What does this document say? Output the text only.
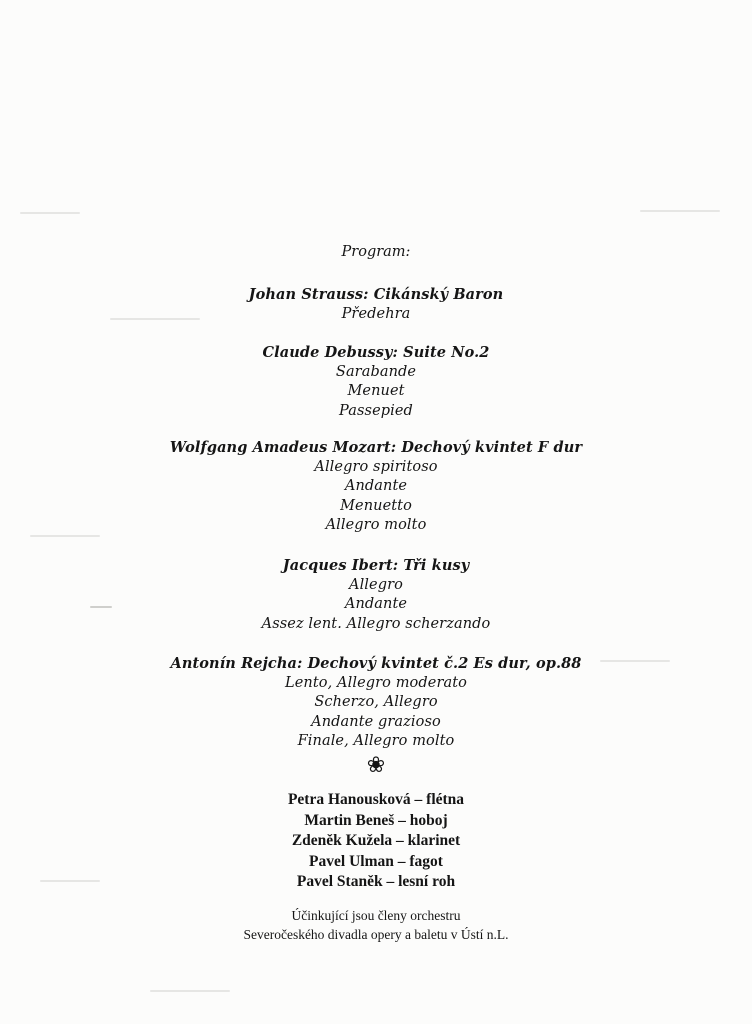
Program:
Johan Strauss: Cikánský Baron
Předehra
Claude Debussy: Suite No.2
Sarabande
Menuet
Passepied
Wolfgang Amadeus Mozart: Dechový kvintet F dur
Allegro spiritoso
Andante
Menuetto
Allegro molto
Jacques Ibert: Tři kusy
Allegro
Andante
Assez lent. Allegro scherzando
Antonín Rejcha: Dechový kvintet č.2 Es dur, op.88
Lento, Allegro moderato
Scherzo, Allegro
Andante grazioso
Finale, Allegro molto
❀
Petra Hanousková – flétna
Martin Beneš – hoboj
Zdeněk Kužela – klarinet
Pavel Ulman – fagot
Pavel Staněk – lesní roh
Účinkující jsou členy orchestru
Severočeského divadla opery a baletu v Ústí n.L.
